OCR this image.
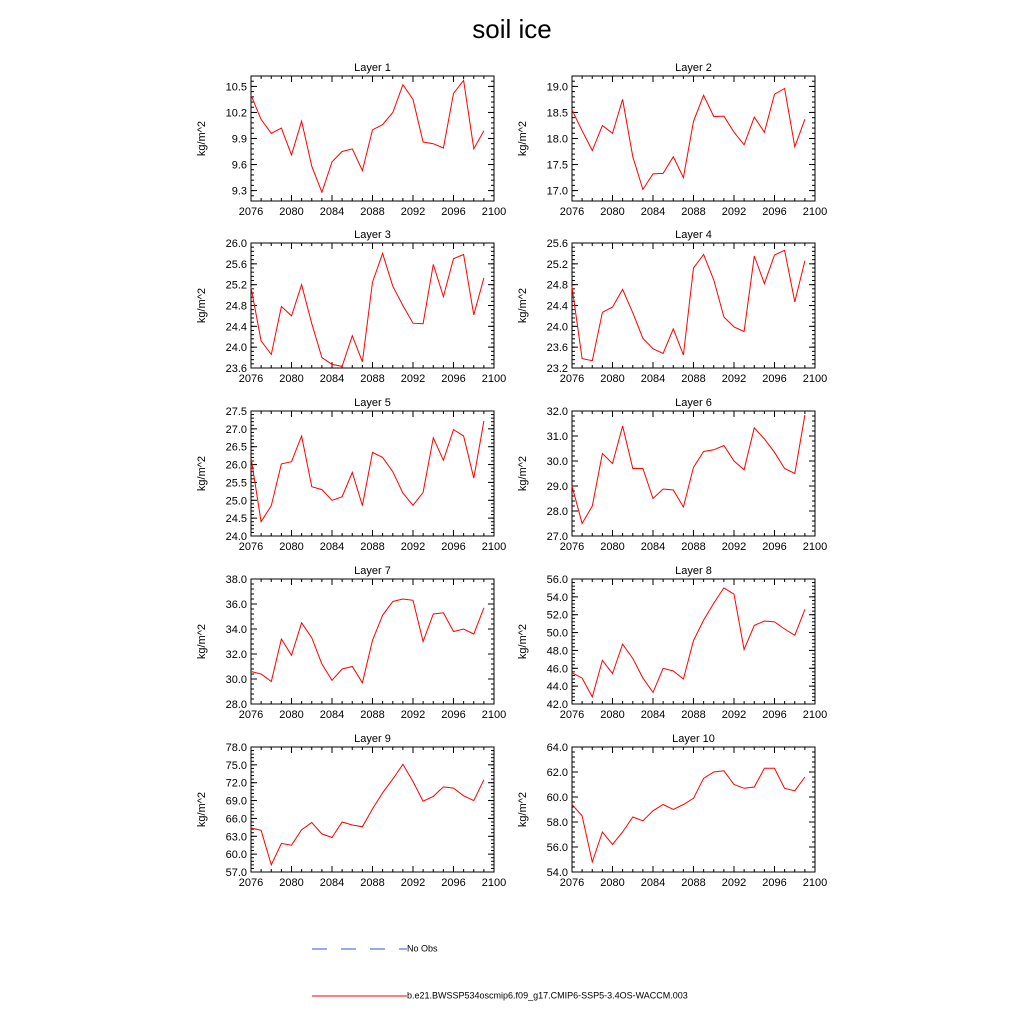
soil ice
Layer 1
kg/m^2
2076 2080 2084 2088 2092 2096 2100
9.3
9.6
9.9
10.2
10.5
Layer 2
kg/m^2
2076 2080 2084 2088 2092 2096 2100
17.0
17.5
18.0
18.5
19.0
Layer 3
kg/m^2
2076 2080 2084 2088 2092 2096 2100
23.6
24.0
24.4
24.8
25.2
25.6
26.0
Layer 4
kg/m^2
2076 2080 2084 2088 2092 2096 2100
23.2
23.6
24.0
24.4
24.8
25.2
25.6
Layer 5
kg/m^2
2076 2080 2084 2088 2092 2096 2100
24.0
24.5
25.0
25.5
26.0
26.5
27.0
27.5
Layer 6
kg/m^2
2076 2080 2084 2088 2092 2096 2100
27.0
28.0
29.0
30.0
31.0
32.0
Layer 7
kg/m^2
2076 2080 2084 2088 2092 2096 2100
28.0
30.0
32.0
34.0
36.0
38.0
Layer 8
kg/m^2
2076 2080 2084 2088 2092 2096 2100
42.0
44.0
46.0
48.0
50.0
52.0
54.0
56.0
Layer 9
kg/m^2
2076 2080 2084 2088 2092 2096 2100
57.0
60.0
63.0
66.0
69.0
72.0
75.0
78.0
Layer 10
kg/m^2
2076 2080 2084 2088 2092 2096 2100
54.0
56.0
58.0
60.0
62.0
64.0
No Obs
b.e21.BWSSP534oscmip6.f09_g17.CMIP6-SSP5-3.4OS-WACCM.003
